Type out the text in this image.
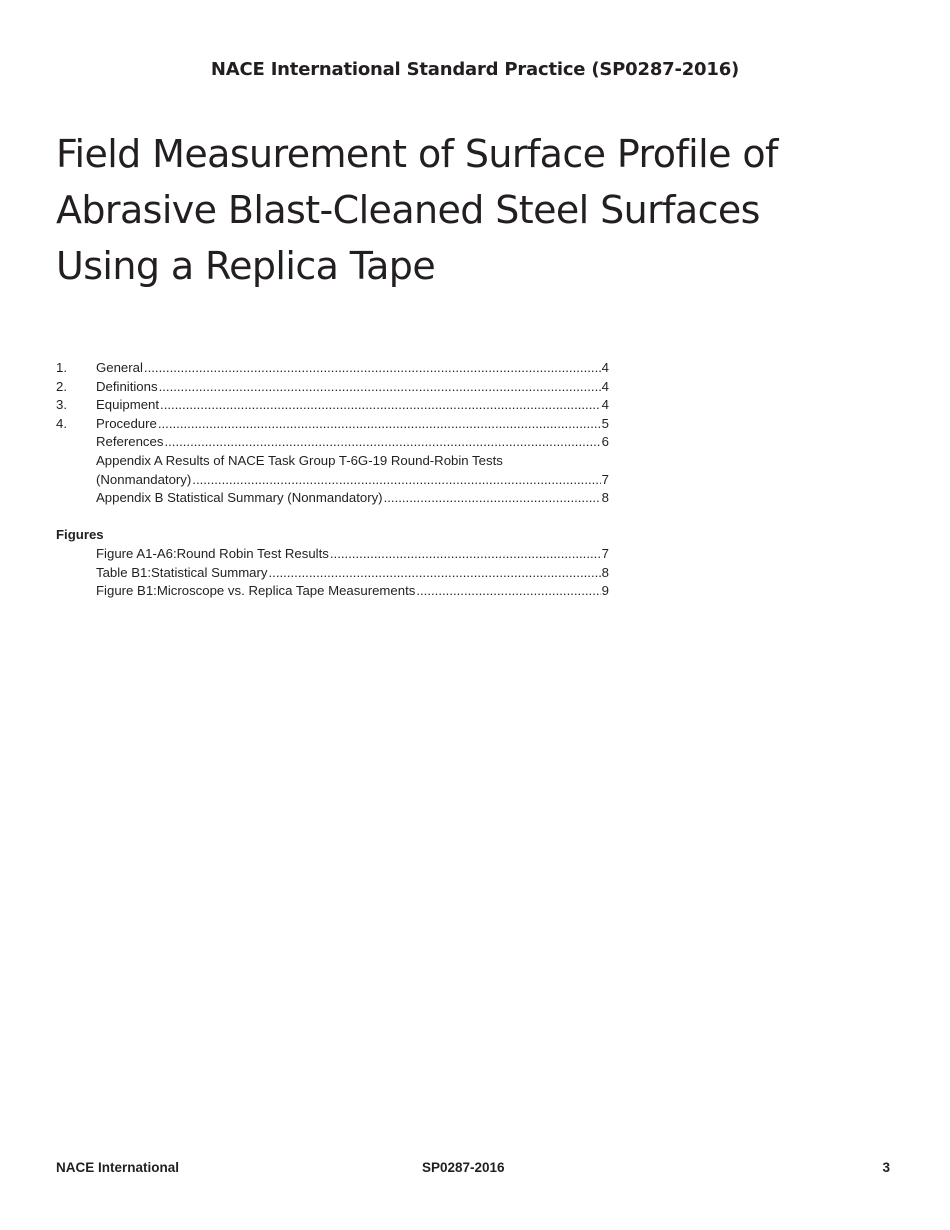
NACE International Standard Practice (SP0287-2016)
Field Measurement of Surface Profile of
Abrasive Blast-Cleaned Steel Surfaces
Using a Replica Tape
1.	General .....	4
2.	Definitions .....	4
3.	Equipment .....	4
4.	Procedure .....	5
References .....	6
Appendix A Results of NACE Task Group T-6G-19 Round-Robin Tests
(Nonmandatory) .....	7
Appendix B Statistical Summary (Nonmandatory) .....	8
Figures
Figure A1-A6: Round Robin Test Results .....	7
Table B1: Statistical Summary .....	8
Figure B1: Microscope vs. Replica Tape Measurements .....	9
NACE International	SP0287-2016	3
